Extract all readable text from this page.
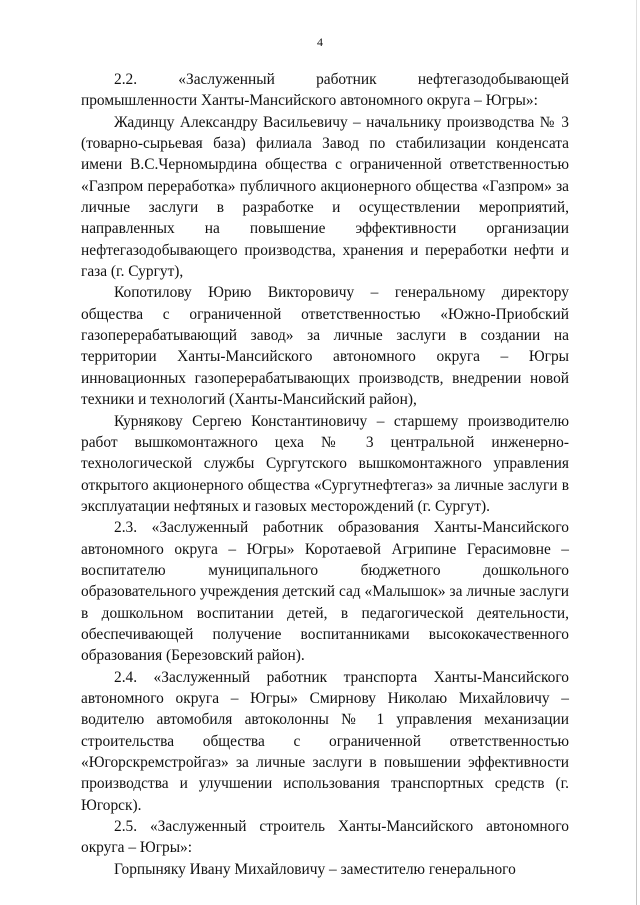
4

2.2. «Заслуженный работник нефтегазодобывающей промышленности Ханты-Мансийского автономного округа – Югры»:

Жадинцу Александру Васильевичу – начальнику производства № 3 (товарно-сырьевая база) филиала Завод по стабилизации конденсата имени В.С.Черномырдина общества с ограниченной ответственностью «Газпром переработка» публичного акционерного общества «Газпром» за личные заслуги в разработке и осуществлении мероприятий, направленных на повышение эффективности организации нефтегазодобывающего производства, хранения и переработки нефти и газа (г. Сургут),

Копотилову Юрию Викторовичу – генеральному директору общества с ограниченной ответственностью «Южно-Приобский газоперерабатывающий завод» за личные заслуги в создании на территории Ханты-Мансийского автономного округа – Югры инновационных газоперерабатывающих производств, внедрении новой техники и технологий (Ханты-Мансийский район),

Курнякову Сергею Константиновичу – старшему производителю работ вышкомонтажного цеха № 3 центральной инженерно-технологической службы Сургутского вышкомонтажного управления открытого акционерного общества «Сургутнефтегаз» за личные заслуги в эксплуатации нефтяных и газовых месторождений (г. Сургут).

2.3. «Заслуженный работник образования Ханты-Мансийского автономного округа – Югры» Коротаевой Агрипине Герасимовне – воспитателю муниципального бюджетного дошкольного образовательного учреждения детский сад «Малышок» за личные заслуги в дошкольном воспитании детей, в педагогической деятельности, обеспечивающей получение воспитанниками высококачественного образования (Березовский район).

2.4. «Заслуженный работник транспорта Ханты-Мансийского автономного округа – Югры» Смирнову Николаю Михайловичу – водителю автомобиля автоколонны № 1 управления механизации строительства общества с ограниченной ответственностью «Югорскремстройгаз» за личные заслуги в повышении эффективности производства и улучшении использования транспортных средств (г. Югорск).

2.5. «Заслуженный строитель Ханты-Мансийского автономного округа – Югры»:

Горпыняку Ивану Михайловичу – заместителю генерального
